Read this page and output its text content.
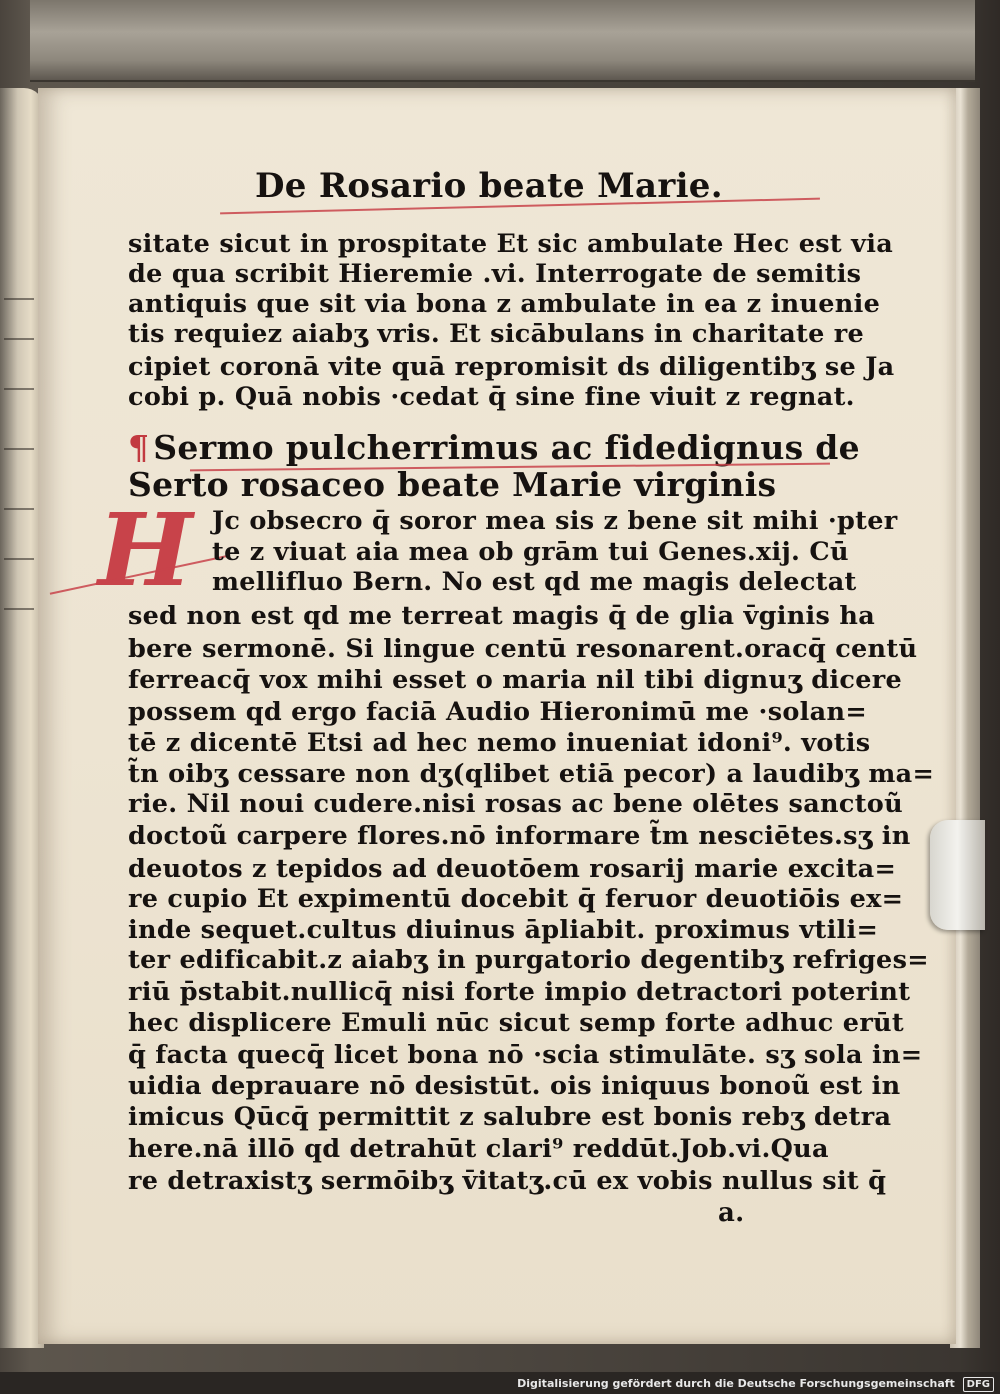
De Rosario beate Marie.
sitate sicut in prospitate Et sic ambulate Hec est via
de qua scribit Hieremie .vi. Interrogate de semitis
antiquis que sit via bona z ambulate in ea z inuenie
tis requiez aiabʒ vris. Et sicābulans in charitate re
cipiet coronā vite quā repromisit ds diligentibʒ se Ja
cobi p. Quā nobis ·cedat q̄ sine fine viuit z regnat.
¶ Sermo pulcherrimus ac fidedignus de
Serto rosaceo beate Marie virginis
H Jc obsecro q̄ soror mea sis z bene sit mihi ·pter
te z viuat aia mea ob grām tui Genes.xij. Cū
mellifluo Bern. No est qd me magis delectat
sed non est qd me terreat magis q̄ de glia v̄ginis ha
bere sermonē. Si lingue centū resonarent.oracq̄ centū
ferreacq̄ vox mihi esset o maria nil tibi dignuʒ dicere
possem qd ergo faciā Audio Hieronimū me ·solan=
tē z dicentē Etsi ad hec nemo inueniat idoni⁹. votis
t̃n oibʒ cessare non dʒ(qlibet etiā pecor) a laudibʒ ma=
rie. Nil noui cudere.nisi rosas ac bene olētes sanctoũ
doctoũ carpere flores.nō informare t̃m nesciētes.sʒ in
deuotos z tepidos ad deuotōem rosarij marie excita=
re cupio Et expimentū docebit q̄ feruor deuotiōis ex=
inde sequet.cultus diuinus āpliabit. proximus vtili=
ter edificabit.z aiabʒ in purgatorio degentibʒ refriges=
riū p̄stabit.nullicq̄ nisi forte impio detractori poterint
hec displicere Emuli nūc sicut semp forte adhuc erūt
q̄ facta quecq̄ licet bona nō ·scia stimulāte. sʒ sola in=
uidia deprauare nō desistūt. ois iniquus bonoũ est in
imicus Qūcq̄ permittit z salubre est bonis rebʒ detra
here.nā illō qd detrahūt clari⁹ reddūt.Job.vi.Qua
re detraxistʒ sermōibʒ v̄itatʒ.cū ex vobis nullus sit q̄
a.
Digitalisierung gefördert durch die Deutsche Forschungsgemeinschaft DFG
